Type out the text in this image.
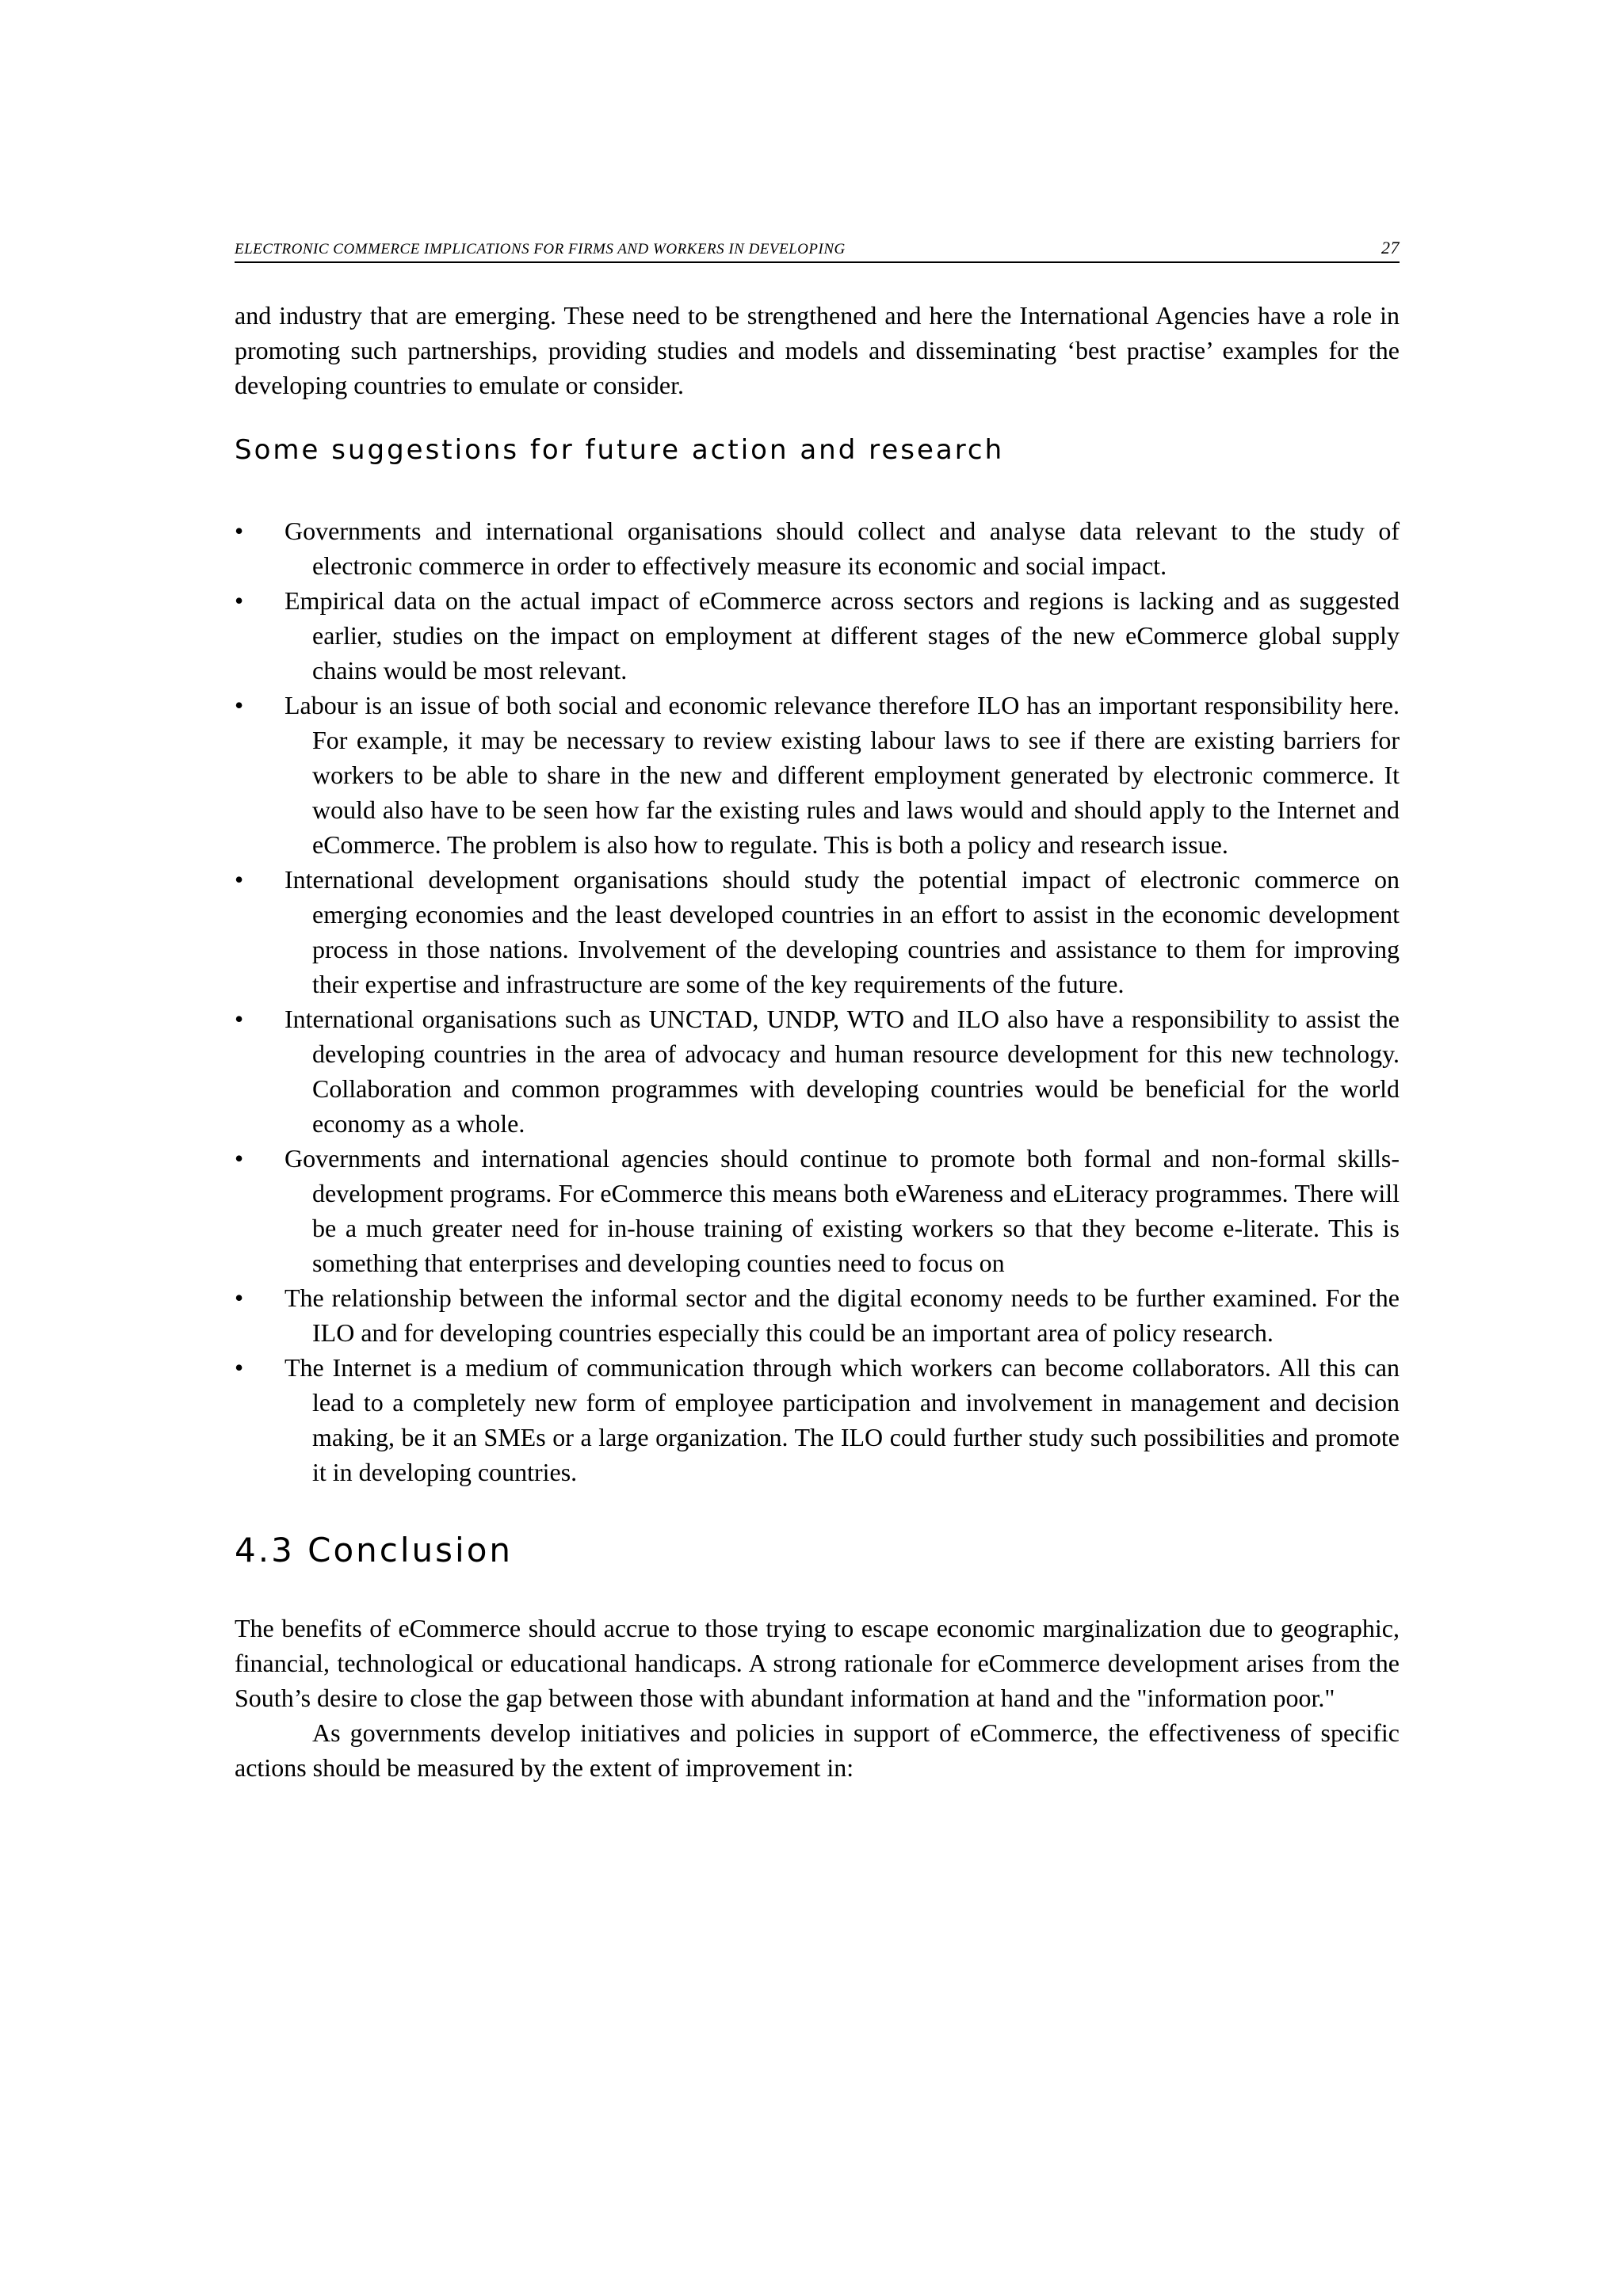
ELECTRONIC COMMERCE IMPLICATIONS FOR FIRMS AND WORKERS IN DEVELOPING	27

and industry that are emerging. These need to be strengthened and here the International Agencies have a role in promoting such partnerships, providing studies and models and disseminating ‘best practise’ examples for the developing countries to emulate or consider.

Some suggestions for future action and research
•	Governments and international organisations should collect and analyse data relevant to the study of electronic commerce in order to effectively measure its economic and social impact.
•	Empirical data on the actual impact of eCommerce across sectors and regions is lacking and as suggested earlier, studies on the impact on employment at different stages of the new eCommerce global supply chains would be most relevant.
•	Labour is an issue of both social and economic relevance therefore ILO has an important responsibility here. For example, it may be necessary to review existing labour laws to see if there are existing barriers for workers to be able to share in the new and different employment generated by electronic commerce. It would also have to be seen how far the existing rules and laws would and should apply to the Internet and eCommerce. The problem is also how to regulate. This is both a policy and research issue.
•	International development organisations should study the potential impact of electronic commerce on emerging economies and the least developed countries in an effort to assist in the economic development process in those nations. Involvement of the developing countries and assistance to them for improving their expertise and infrastructure are some of the key requirements of the future.
•	International organisations such as UNCTAD, UNDP, WTO and ILO also have a responsibility to assist the developing countries in the area of advocacy and human resource development for this new technology. Collaboration and common programmes with developing countries would be beneficial for the world economy as a whole.
•	Governments and international agencies should continue to promote both formal and non-formal skills-development programs. For eCommerce this means both eWareness and eLiteracy programmes. There will be a much greater need for in-house training of existing workers so that they become e-literate. This is something that enterprises and developing counties need to focus on
•	The relationship between the informal sector and the digital economy needs to be further examined. For the ILO and for developing countries especially this could be an important area of policy research.
•	The Internet is a medium of communication through which workers can become collaborators. All this can lead to a completely new form of employee participation and involvement in management and decision making, be it an SMEs or a large organization. The ILO could further study such possibilities and promote it in developing countries.
4.3 Conclusion

The benefits of eCommerce should accrue to those trying to escape economic marginalization due to geographic, financial, technological or educational handicaps. A strong rationale for eCommerce development arises from the South’s desire to close the gap between those with abundant information at hand and the "information poor."

As governments develop initiatives and policies in support of eCommerce, the effectiveness of specific actions should be measured by the extent of improvement in:
